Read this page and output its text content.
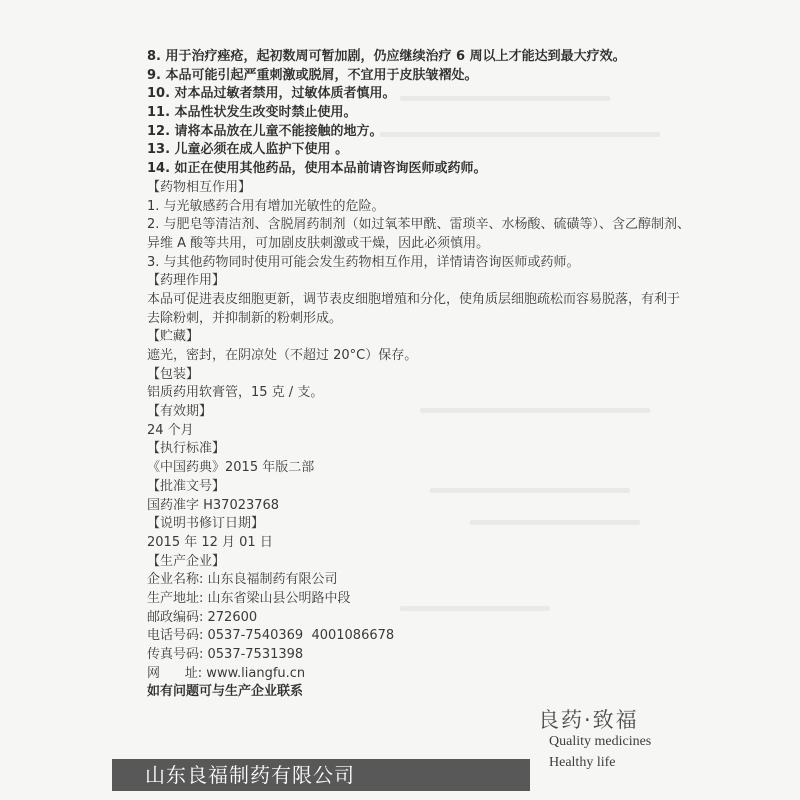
8. 用于治疗痤疮，起初数周可暂加剧，仍应继续治疗 6 周以上才能达到最大疗效。
9. 本品可能引起严重刺激或脱屑，不宜用于皮肤皱褶处。
10. 对本品过敏者禁用，过敏体质者慎用。
11. 本品性状发生改变时禁止使用。
12. 请将本品放在儿童不能接触的地方。
13. 儿童必须在成人监护下使用 。
14. 如正在使用其他药品，使用本品前请咨询医师或药师。
【药物相互作用】
1. 与光敏感药合用有增加光敏性的危险。
2. 与肥皂等清洁剂、含脱屑药制剂（如过氧苯甲酰、雷琐辛、水杨酸、硫磺等）、含乙醇制剂、
异维 A 酸等共用，可加剧皮肤刺激或干燥，因此必须慎用。
3. 与其他药物同时使用可能会发生药物相互作用，详情请咨询医师或药师。
【药理作用】
本品可促进表皮细胞更新，调节表皮细胞增殖和分化，使角质层细胞疏松而容易脱落，有利于
去除粉刺，并抑制新的粉刺形成。
【贮藏】
遮光，密封，在阴凉处（不超过 20°C）保存。
【包装】
铝质药用软膏管，15 克 / 支。
【有效期】
24 个月
【执行标准】
《中国药典》2015 年版二部
【批准文号】
国药准字 H37023768
【说明书修订日期】
2015 年 12 月 01 日
【生产企业】
企业名称: 山东良福制药有限公司
生产地址: 山东省梁山县公明路中段
邮政编码: 272600
电话号码: 0537-7540369  4001086678
传真号码: 0537-7531398
网      址: www.liangfu.cn
如有问题可与生产企业联系
良药·致福
Quality medicines
Healthy life
山东良福制药有限公司
